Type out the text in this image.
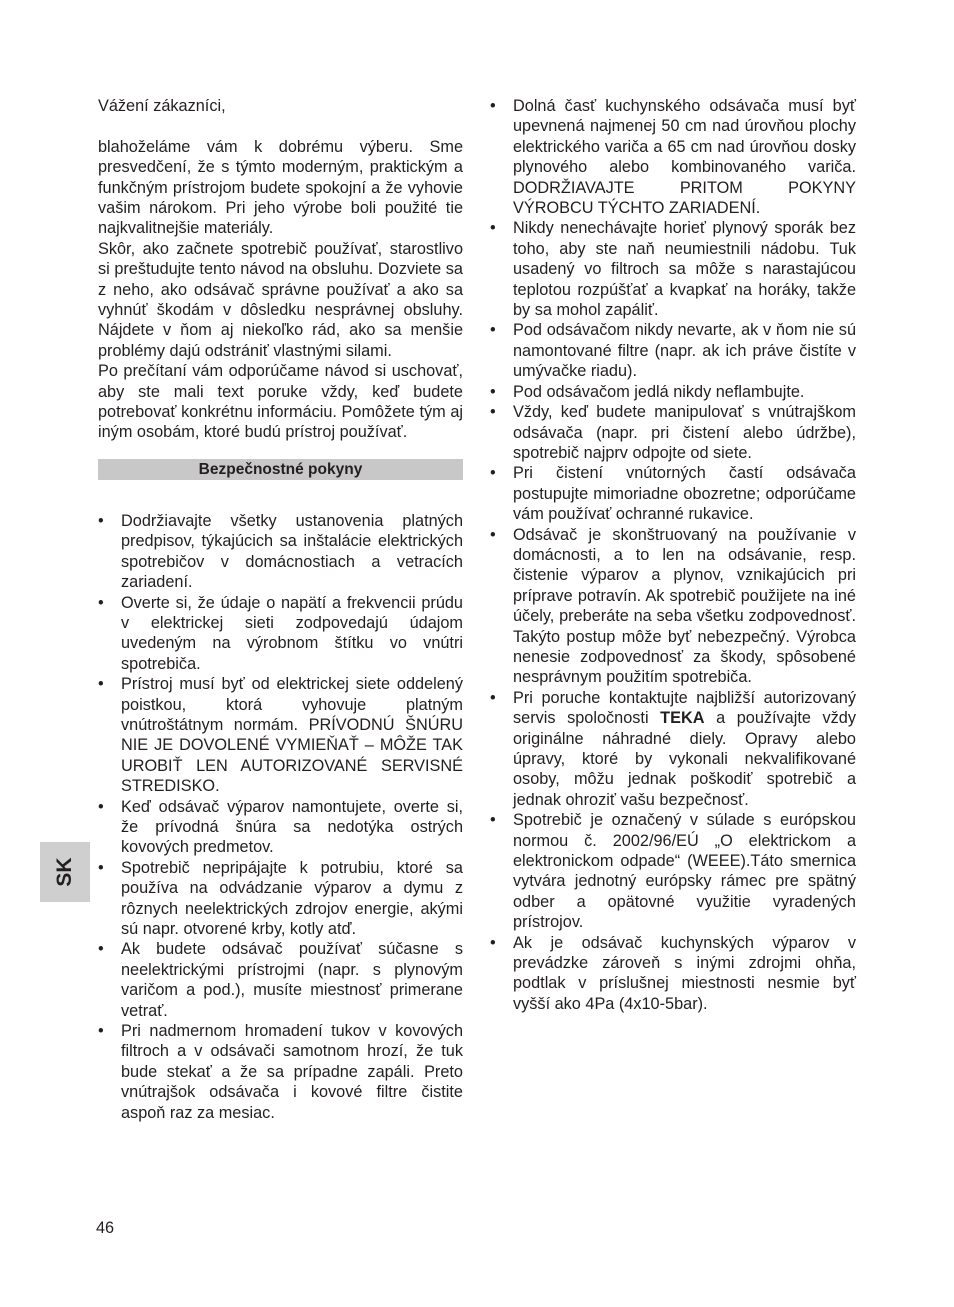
Vážení zákazníci,

blahoželáme vám k dobrému výberu. Sme presvedčení, že s týmto moderným, praktickým a funkčným prístrojom budete spokojní a že vyhovie vašim nárokom. Pri jeho výrobe boli použité tie najkvalitnejšie materiály.

Skôr, ako začnete spotrebič používať, starostlivo si preštudujte tento návod na obsluhu. Dozviete sa z neho, ako odsávač správne používať a ako sa vyhnúť škodám v dôsledku nesprávnej obsluhy. Nájdete v ňom aj niekoľko rád, ako sa menšie problémy dajú odstrániť vlastnými silami.

Po prečítaní vám odporúčame návod si uschovať, aby ste mali text poruke vždy, keď budete potrebovať konkrétnu informáciu. Pomôžete tým aj iným osobám, ktoré budú prístroj používať.

Bezpečnostné pokyny
• Dodržiavajte všetky ustanovenia platných predpisov, týkajúcich sa inštalácie elektrických spotrebičov v domácnostiach a vetracích zariadení.
• Overte si, že údaje o napätí a frekvencii prúdu v elektrickej sieti zodpovedajú údajom uvedeným na výrobnom štítku vo vnútri spotrebiča.
• Prístroj musí byť od elektrickej siete oddelený poistkou, ktorá vyhovuje platným vnútroštátnym normám. PRÍVODNÚ ŠNÚRU NIE JE DOVOLENÉ VYMIEŇAŤ – MÔŽE TAK UROBIŤ LEN AUTORIZOVANÉ SERVISNÉ STREDISKO.
• Keď odsávač výparov namontujete, overte si, že prívodná šnúra sa nedotýka ostrých kovových predmetov.
• Spotrebič nepripájajte k potrubiu, ktoré sa používa na odvádzanie výparov a dymu z rôznych neelektrických zdrojov energie, akými sú napr. otvorené krby, kotly atď.
• Ak budete odsávač používať súčasne s neelektrickými prístrojmi (napr. s plynovým varičom a pod.), musíte miestnosť primerane vetrať.
• Pri nadmernom hromadení tukov v kovových filtroch a v odsávači samotnom hrozí, že tuk bude stekať a že sa prípadne zapáli. Preto vnútrajšok odsávača i kovové filtre čistite aspoň raz za mesiac.
• Dolná časť kuchynského odsávača musí byť upevnená najmenej 50 cm nad úrovňou plochy elektrického variča a 65 cm nad úrovňou dosky plynového alebo kombinovaného variča. DODRŽIAVAJTE PRITOM POKYNY VÝROBCU TÝCHTO ZARIADENÍ.
• Nikdy nenechávajte horieť plynový sporák bez toho, aby ste naň neumiestnili nádobu. Tuk usadený vo filtroch sa môže s narastajúcou teplotou rozpúšťať a kvapkať na horáky, takže by sa mohol zapáliť.
• Pod odsávačom nikdy nevarte, ak v ňom nie sú namontované filtre (napr. ak ich práve čistíte v umývačke riadu).
• Pod odsávačom jedlá nikdy neflambujte.
• Vždy, keď budete manipulovať s vnútrajškom odsávača (napr. pri čistení alebo údržbe), spotrebič najprv odpojte od siete.
• Pri čistení vnútorných častí odsávača postupujte mimoriadne obozretne; odporúčame vám používať ochranné rukavice.
• Odsávač je skonštruovaný na používanie v domácnosti, a to len na odsávanie, resp. čistenie výparov a plynov, vznikajúcich pri príprave potravín. Ak spotrebič použijete na iné účely, preberáte na seba všetku zodpovednosť. Takýto postup môže byť nebezpečný. Výrobca nenesie zodpovednosť za škody, spôsobené nesprávnym použitím spotrebiča.
• Pri poruche kontaktujte najbližší autorizovaný servis spoločnosti TEKA a používajte vždy originálne náhradné diely. Opravy alebo úpravy, ktoré by vykonali nekvalifikované osoby, môžu jednak poškodiť spotrebič a jednak ohroziť vašu bezpečnosť.
• Spotrebič je označený v súlade s európskou normou č. 2002/96/EÚ „O elektrickom a elektronickom odpade“ (WEEE).Táto smernica vytvára jednotný európsky rámec pre spätný odber a opätovné využitie vyradených prístrojov.
• Ak je odsávač kuchynských výparov v prevádzke zároveň s inými zdrojmi ohňa, podtlak v príslušnej miestnosti nesmie byť vyšší ako 4Pa (4x10-5bar).
SK
46
